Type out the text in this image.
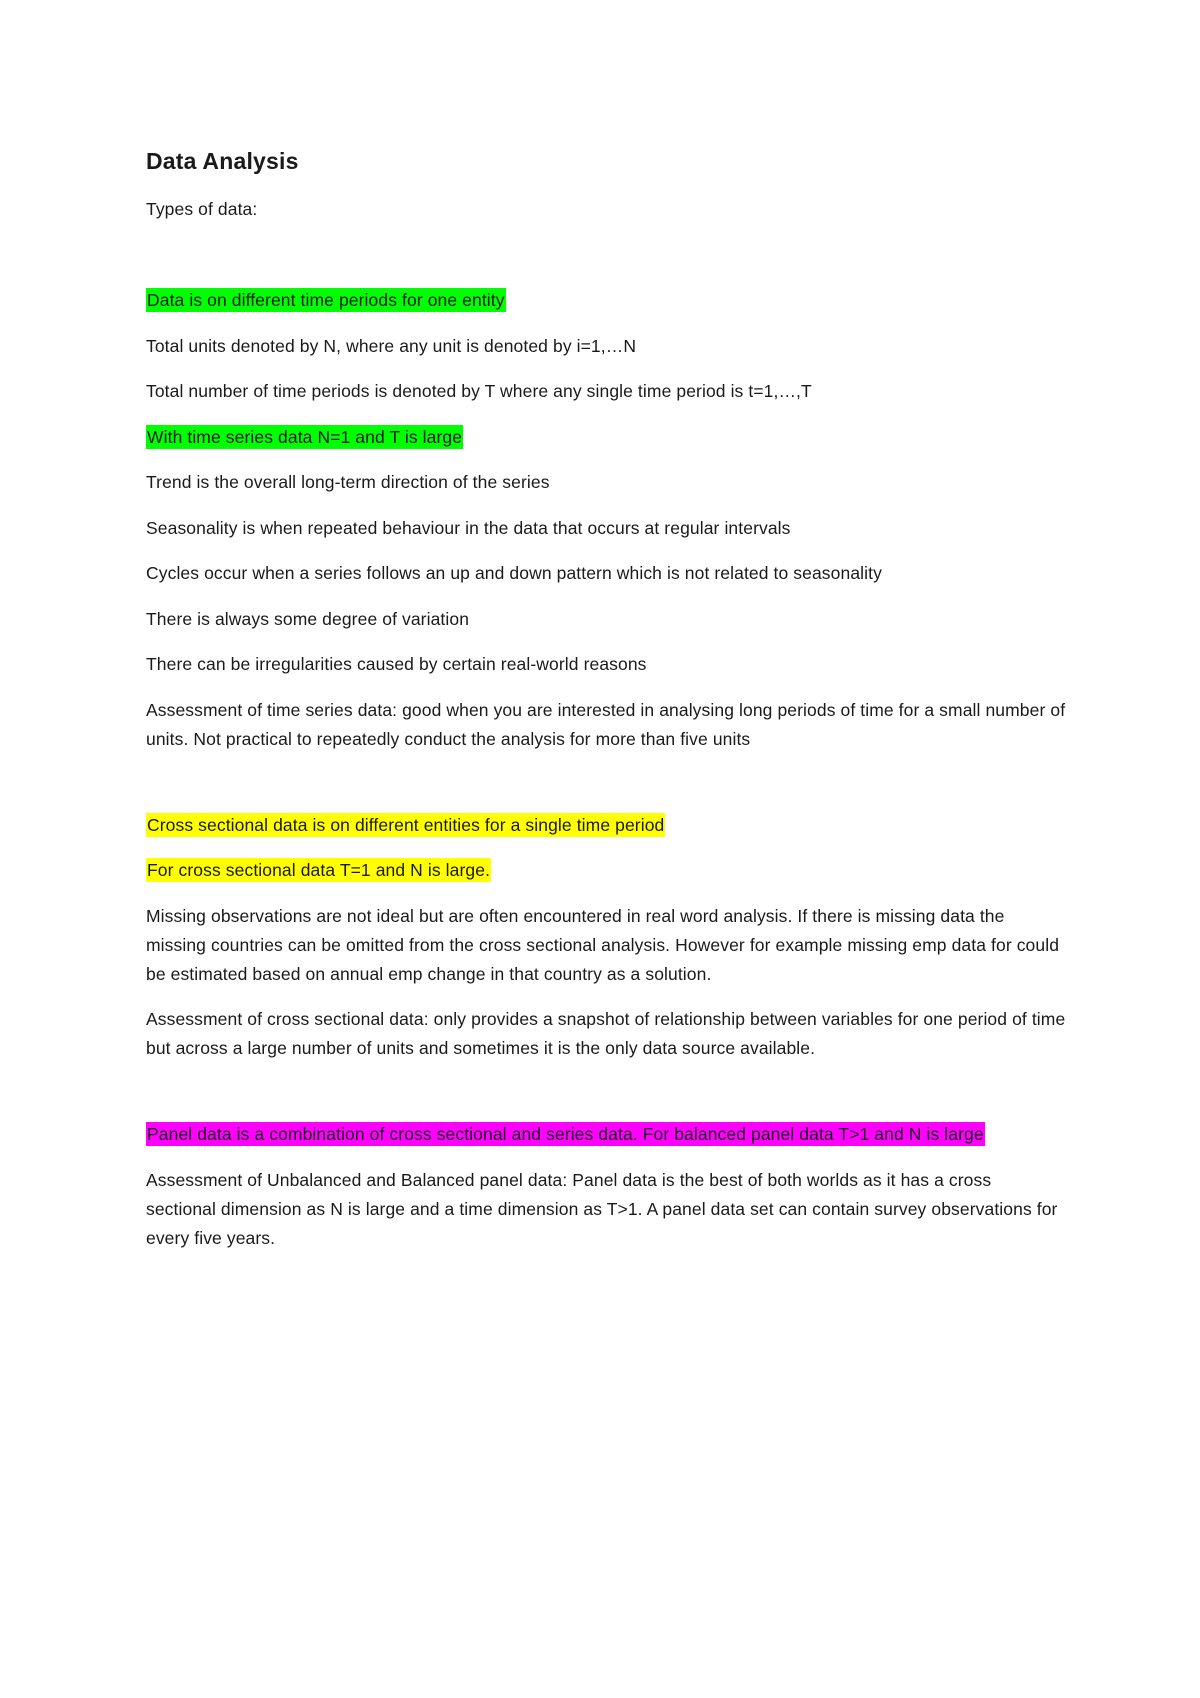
Data Analysis

Types of data:

Data is on different time periods for one entity

Total units denoted by N, where any unit is denoted by i=1,…N

Total number of time periods is denoted by T where any single time period is t=1,…,T

With time series data N=1 and T is large

Trend is the overall long-term direction of the series

Seasonality is when repeated behaviour in the data that occurs at regular intervals

Cycles occur when a series follows an up and down pattern which is not related to seasonality

There is always some degree of variation

There can be irregularities caused by certain real-world reasons

Assessment of time series data: good when you are interested in analysing long periods of time for a small number of units. Not practical to repeatedly conduct the analysis for more than five units

Cross sectional data is on different entities for a single time period

For cross sectional data T=1 and N is large.

Missing observations are not ideal but are often encountered in real word analysis. If there is missing data the missing countries can be omitted from the cross sectional analysis. However for example missing emp data for could be estimated based on annual emp change in that country as a solution.

Assessment of cross sectional data: only provides a snapshot of relationship between variables for one period of time but across a large number of units and sometimes it is the only data source available.

Panel data is a combination of cross sectional and series data. For balanced panel data T>1 and N is large

Assessment of Unbalanced and Balanced panel data: Panel data is the best of both worlds as it has a cross sectional dimension as N is large and a time dimension as T>1. A panel data set can contain survey observations for every five years.
